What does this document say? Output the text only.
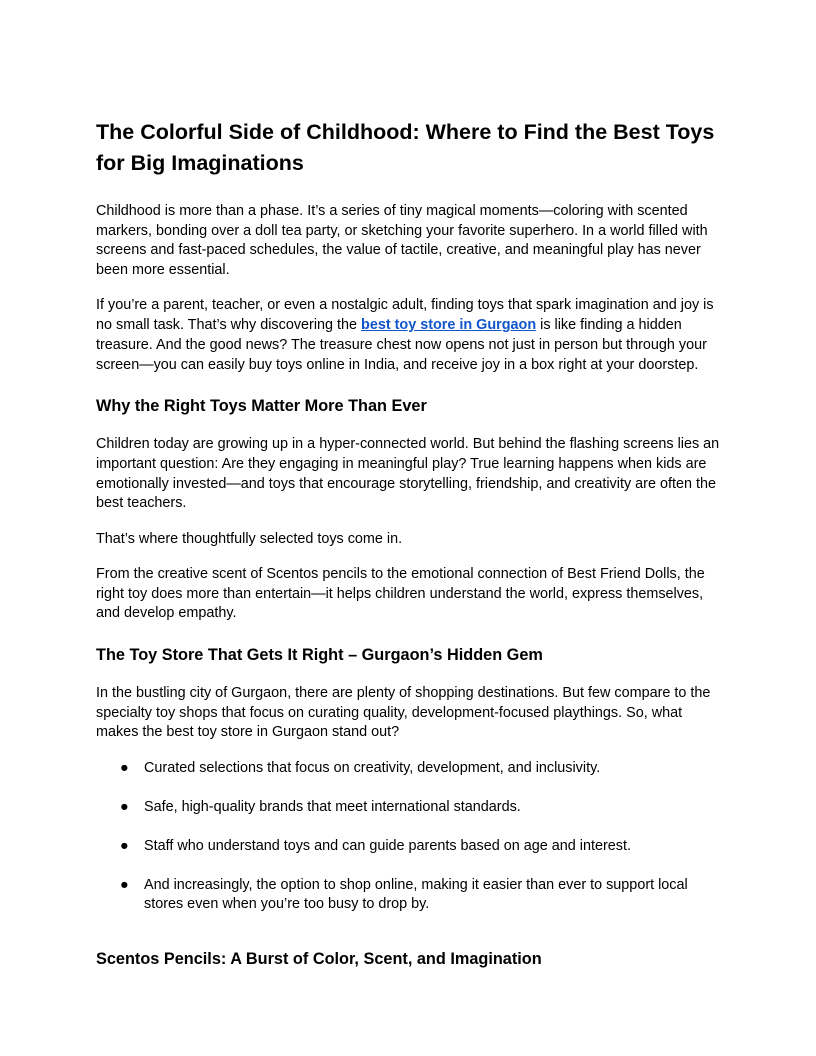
The Colorful Side of Childhood: Where to Find the Best Toys for Big Imaginations

Childhood is more than a phase. It’s a series of tiny magical moments—coloring with scented markers, bonding over a doll tea party, or sketching your favorite superhero. In a world filled with screens and fast-paced schedules, the value of tactile, creative, and meaningful play has never been more essential.

If you’re a parent, teacher, or even a nostalgic adult, finding toys that spark imagination and joy is no small task. That’s why discovering the best toy store in Gurgaon is like finding a hidden treasure. And the good news? The treasure chest now opens not just in person but through your screen—you can easily buy toys online in India, and receive joy in a box right at your doorstep.

Why the Right Toys Matter More Than Ever

Children today are growing up in a hyper-connected world. But behind the flashing screens lies an important question: Are they engaging in meaningful play? True learning happens when kids are emotionally invested—and toys that encourage storytelling, friendship, and creativity are often the best teachers.

That’s where thoughtfully selected toys come in.

From the creative scent of Scentos pencils to the emotional connection of Best Friend Dolls, the right toy does more than entertain—it helps children understand the world, express themselves, and develop empathy.

The Toy Store That Gets It Right – Gurgaon’s Hidden Gem

In the bustling city of Gurgaon, there are plenty of shopping destinations. But few compare to the specialty toy shops that focus on curating quality, development-focused playthings. So, what makes the best toy store in Gurgaon stand out?

● Curated selections that focus on creativity, development, and inclusivity.
● Safe, high-quality brands that meet international standards.
● Staff who understand toys and can guide parents based on age and interest.
● And increasingly, the option to shop online, making it easier than ever to support local stores even when you’re too busy to drop by.
Scentos Pencils: A Burst of Color, Scent, and Imagination
